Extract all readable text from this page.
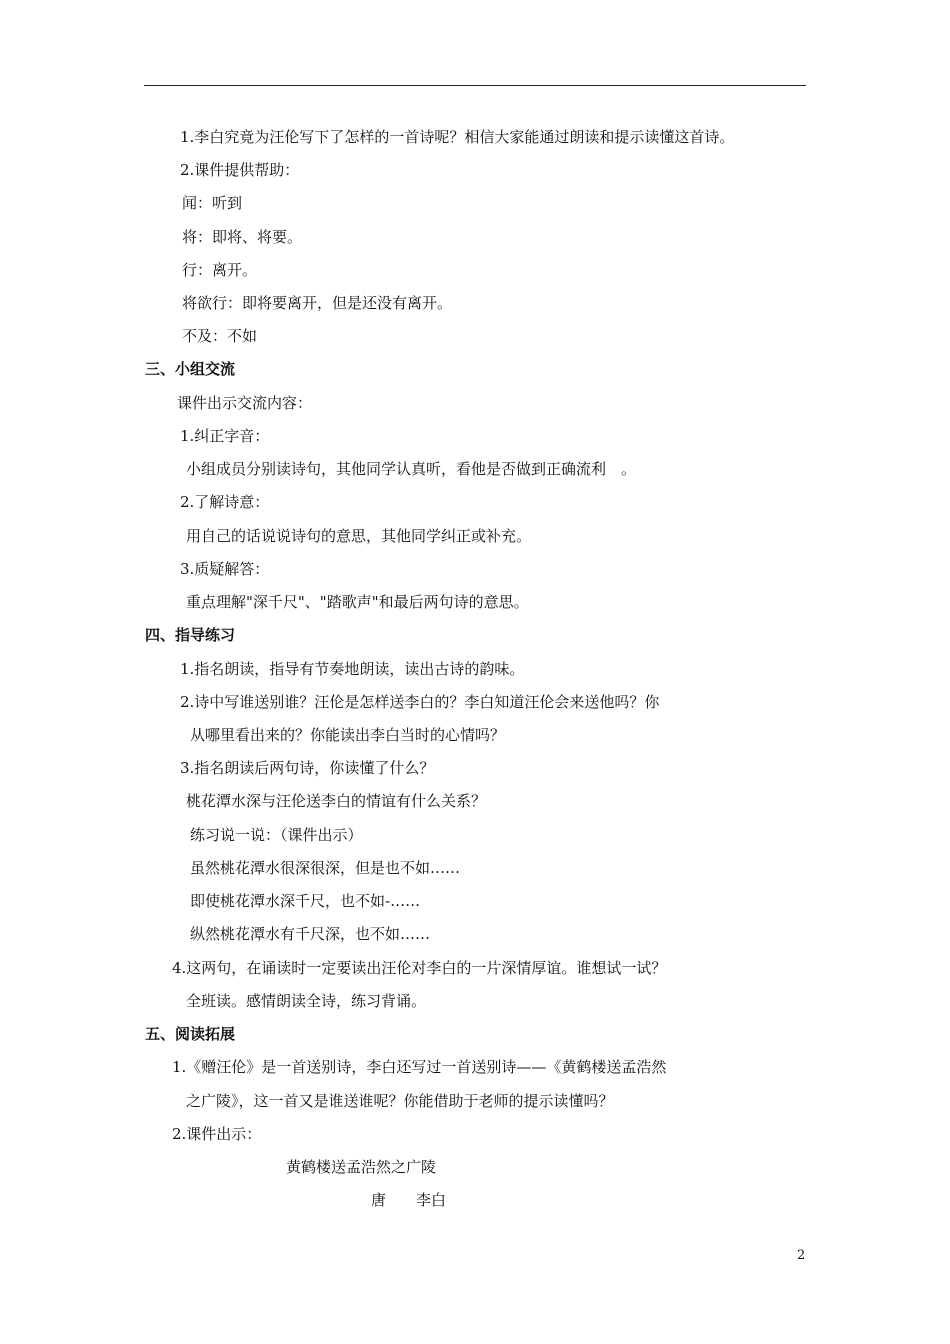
1.李白究竟为汪伦写下了怎样的一首诗呢？相信大家能通过朗读和提示读懂这首诗。
2.课件提供帮助：
闻：听到
将：即将、将要。
行：离开。
将欲行：即将要离开，但是还没有离开。
不及：不如
三、小组交流
课件出示交流内容：
1.纠正字音：
小组成员分别读诗句，其他同学认真听，看他是否做到正确流利　。
2.了解诗意：
用自己的话说说诗句的意思，其他同学纠正或补充。
3.质疑解答：
重点理解"深千尺"、"踏歌声"和最后两句诗的意思。
四、指导练习
1.指名朗读，指导有节奏地朗读，读出古诗的韵味。
2.诗中写谁送别谁？汪伦是怎样送李白的？李白知道汪伦会来送他吗？你
从哪里看出来的？你能读出李白当时的心情吗？
3.指名朗读后两句诗，你读懂了什么？
桃花潭水深与汪伦送李白的情谊有什么关系？
练习说一说：（课件出示）
虽然桃花潭水很深很深，但是也不如……
即使桃花潭水深千尺，也不如-……
纵然桃花潭水有千尺深，也不如……
4.这两句，在诵读时一定要读出汪伦对李白的一片深情厚谊。谁想试一试？
全班读。感情朗读全诗，练习背诵。
五、阅读拓展
1.《赠汪伦》是一首送别诗，李白还写过一首送别诗——《黄鹤楼送孟浩然
之广陵》，这一首又是谁送谁呢？你能借助于老师的提示读懂吗？
2.课件出示：
黄鹤楼送孟浩然之广陵
唐　　李白
2
